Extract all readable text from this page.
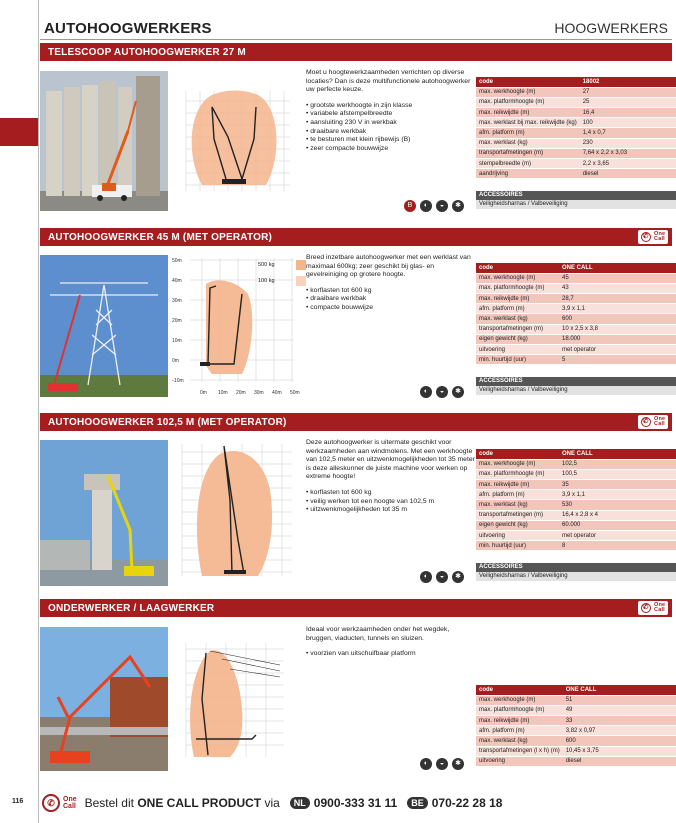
AUTOHOOGWERKERS	HOOGWERKERS
TELESCOOP AUTOHOOGWERKER 27 M
Moet u hoogtewerkzaamheden verrichten op diverse locaties? Dan is deze multifunctionele autohoogwerker uw perfecte keuze.
• grootste werkhoogte in zijn klasse
• variabele afstempelbreedte
• aansluiting 230 V in werkbak
• draaibare werkbak
• te besturen met klein rijbewijs (B)
• zeer compacte bouwwijze
code	18002
max. werkhoogte (m)	27
max. platformhoogte (m)	25
max. reikwijdte (m)	16,4
max. werklast bij max. reikwijdte (kg)	100
afm. platform (m)	1,4 x 0,7
max. werklast (kg)	230
transportafmetingen (m)	7,64 x 2,2 x 3,03
stempelbreedte (m)	2,2 x 3,65
aandrijving	diesel
ACCESSOIRES
Veiligheidsharnas / Valbeveiliging
B	◐	◒	✱
AUTOHOOGWERKER 45 M (MET OPERATOR)	✆ One
Call
50m
40m
30m
20m
10m
0m
−10m
0m 10m 20m 30m 40m 50m
500 kg
100 kg
Breed inzetbare autohoogwerker met een werklast van maximaal 600kg; zeer geschikt bij glas- en gevelreiniging op grotere hoogte.
• korflasten tot 600 kg
• draaibare werkbak
• compacte bouwwijze
code	ONE CALL
max. werkhoogte (m)	45
max. platformhoogte (m)	43
max. reikwijdte (m)	28,7
afm. platform (m)	3,9 x 1,1
max. werklast (kg)	600
transportafmetingen (m)	10 x 2,5 x 3,8
eigen gewicht (kg)	18.000
uitvoering	met operator
min. huurtijd (uur)	5
ACCESSOIRES
Veiligheidsharnas / Valbeveiliging
◐	◒	✱
AUTOHOOGWERKER 102,5 M (MET OPERATOR)	✆ One
Call
Deze autohoogwerker is uitermate geschikt voor werkzaamheden aan windmolens. Met een werkhoogte van 102,5 meter en uitzwenkmogelijkheden tot 35 meter is deze alleskunner de juiste machine voor werken op extreme hoogte!
• korflasten tot 600 kg
• veilig werken tot een hoogte van 102,5 m
• uitzwenkmogelijkheden tot 35 m
code	ONE CALL
max. werkhoogte (m)	102,5
max. platformhoogte (m)	100,5
max. reikwijdte (m)	35
afm. platform (m)	3,9 x 1,1
max. werklast (kg)	530
transportafmetingen (m)	16,4 x 2,8 x 4
eigen gewicht (kg)	60.000
uitvoering	met operator
min. huurtijd (uur)	8
ACCESSOIRES
Veiligheidsharnas / Valbeveiliging
◐	◒	✱
ONDERWERKER / LAAGWERKER	✆ One
Call
Ideaal voor werkzaamheden onder het wegdek, bruggen, viaducten, tunnels en sluizen.
• voorzien van uitschuifbaar platform
code	ONE CALL
max. werkhoogte (m)	51
max. platformhoogte (m)	49
max. reikwijdte (m)	33
afm. platform (m)	3,82 x 0,97
max. werklast (kg)	600
transportafmetingen (l x h) (m)	10,45 x 3,75
uitvoering	diesel
◐	◒	✱
116	✆	One
Call Bestel dit
ONE CALL PRODUCT
via	NL 0900-333 31 11	BE 070-22 28 18
